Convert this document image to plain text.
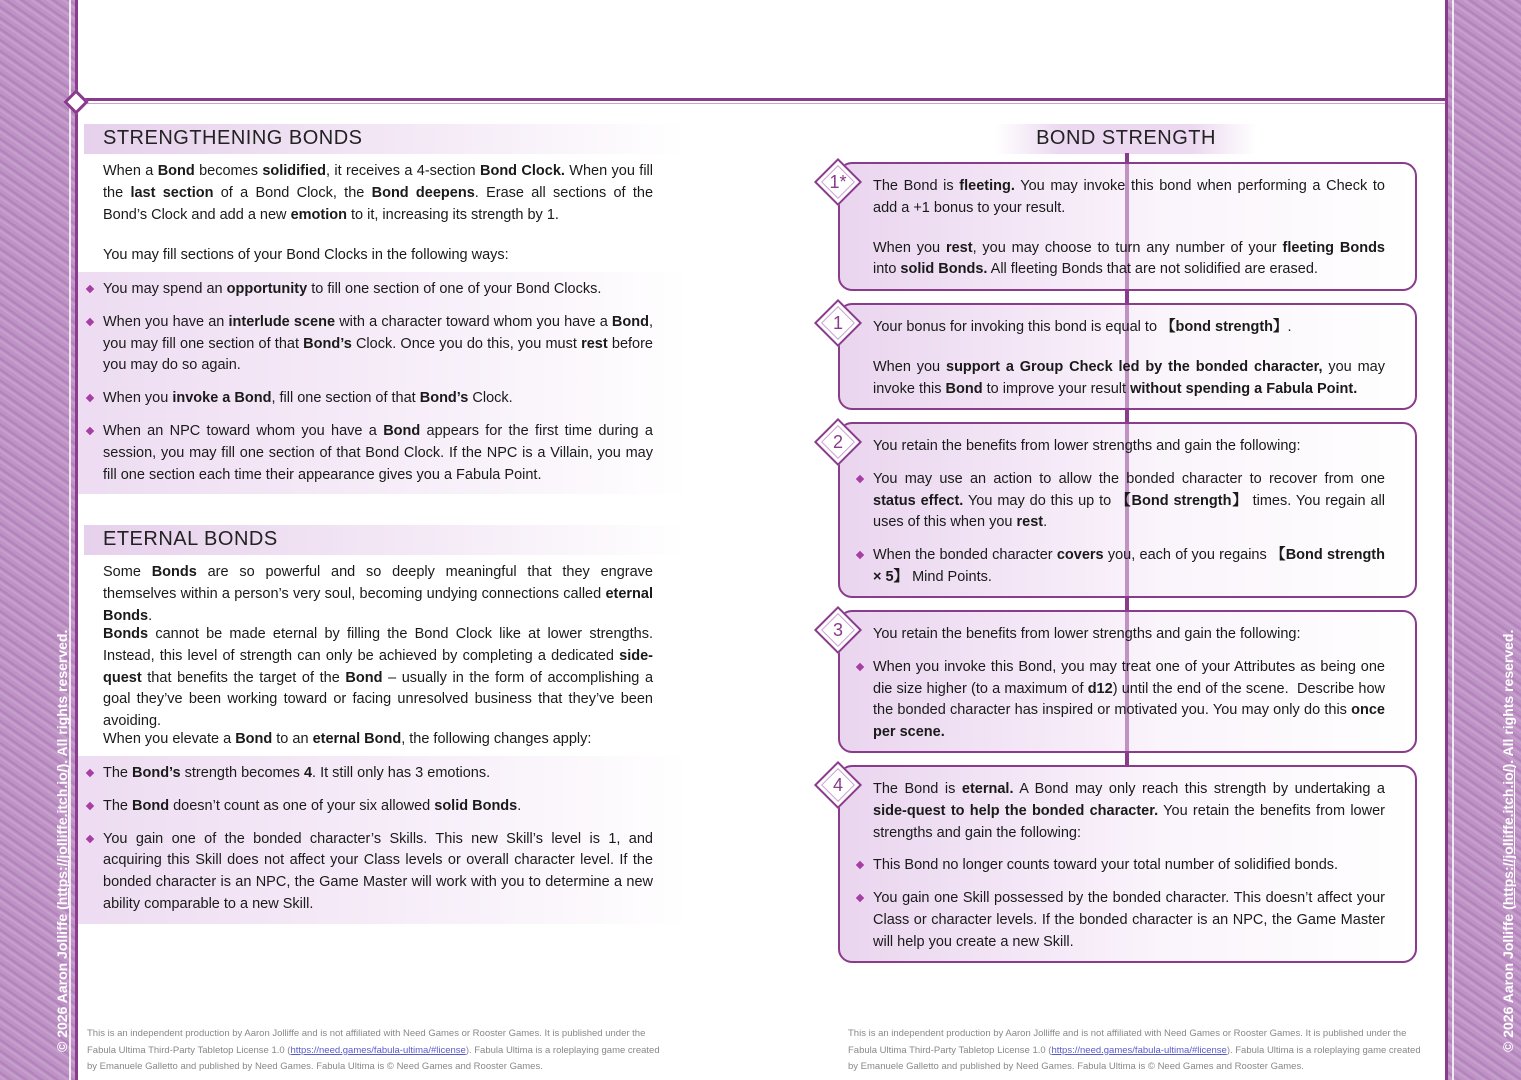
© 2026 Aaron Jolliffe (https://jolliffe.itch.io/). All rights reserved.
© 2026 Aaron Jolliffe (https://jolliffe.itch.io/). All rights reserved.
STRENGTHENING BONDS
When a Bond becomes solidified, it receives a 4-section Bond Clock. When you fill the last section of a Bond Clock, the Bond deepens. Erase all sections of the Bond’s Clock and add a new emotion to it, increasing its strength by 1.
You may fill sections of your Bond Clocks in the following ways:
You may spend an opportunity to fill one section of one of your Bond Clocks.
When you have an interlude scene with a character toward whom you have a Bond, you may fill one section of that Bond’s Clock. Once you do this, you must rest before you may do so again.
When you invoke a Bond, fill one section of that Bond’s Clock.
When an NPC toward whom you have a Bond appears for the first time during a session, you may fill one section of that Bond Clock. If the NPC is a Villain, you may fill one section each time their appearance gives you a Fabula Point.
ETERNAL BONDS
Some Bonds are so powerful and so deeply meaningful that they engrave themselves within a person’s very soul, becoming undying connections called eternal Bonds.
Bonds cannot be made eternal by filling the Bond Clock like at lower strengths. Instead, this level of strength can only be achieved by completing a dedicated side-quest that benefits the target of the Bond – usually in the form of accomplishing a goal they’ve been working toward or facing unresolved business that they’ve been avoiding.
When you elevate a Bond to an eternal Bond, the following changes apply:
The Bond’s strength becomes 4. It still only has 3 emotions.
The Bond doesn’t count as one of your six allowed solid Bonds.
You gain one of the bonded character’s Skills. This new Skill’s level is 1, and acquiring this Skill does not affect your Class levels or overall character level. If the bonded character is an NPC, the Game Master will work with you to determine a new ability comparable to a new Skill.
BOND STRENGTH

The Bond is fleeting. You may invoke this bond when performing a Check to add a +1 bonus to your result.

When you rest, you may choose to turn any number of your fleeting Bonds into solid Bonds. All fleeting Bonds that are not solidified are erased.

1*

Your bonus for invoking this bond is equal to 【bond strength】.

When you support a Group Check led by the bonded character, you may invoke this Bond to improve your result without spending a Fabula Point.

1

You retain the benefits from lower strengths and gain the following:

You may use an action to allow the bonded character to recover from one status effect. You may do this up to 【Bond strength】 times. You regain all uses of this when you rest.
When the bonded character covers you, each of you regains 【Bond strength × 5】 Mind Points.
2

You retain the benefits from lower strengths and gain the following:

When you invoke this Bond, you may treat one of your Attributes as being one die size higher (to a maximum of d12) until the end of the scene.  Describe how the bonded character has inspired or motivated you. You may only do this once per scene.
3

The Bond is eternal. A Bond may only reach this strength by undertaking a side-quest to help the bonded character. You retain the benefits from lower strengths and gain the following:

This Bond no longer counts toward your total number of solidified bonds.
You gain one Skill possessed by the bonded character. This doesn’t affect your Class or character levels. If the bonded character is an NPC, the Game Master will help you create a new Skill.
4
This is an independent production by Aaron Jolliffe and is not affiliated with Need Games or Rooster Games. It is published under the Fabula Ultima Third-Party Tabletop License 1.0 (https://need.games/fabula-ultima/#license). Fabula Ultima is a roleplaying game created by Emanuele Galletto and published by Need Games. Fabula Ultima is © Need Games and Rooster Games.
This is an independent production by Aaron Jolliffe and is not affiliated with Need Games or Rooster Games. It is published under the Fabula Ultima Third-Party Tabletop License 1.0 (https://need.games/fabula-ultima/#license). Fabula Ultima is a roleplaying game created by Emanuele Galletto and published by Need Games. Fabula Ultima is © Need Games and Rooster Games.
